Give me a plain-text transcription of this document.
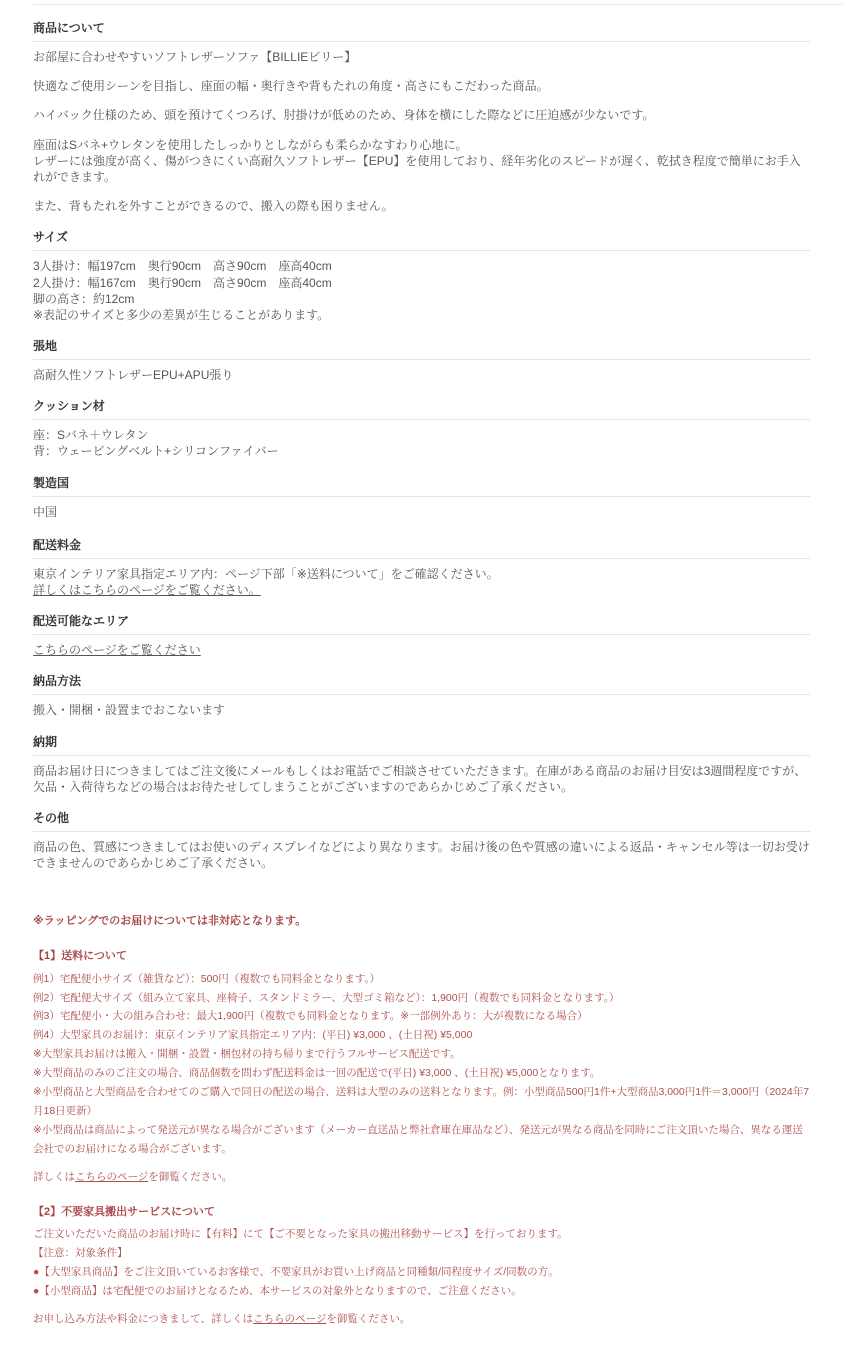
商品について

お部屋に合わせやすいソフトレザーソファ【BILLIEビリー】

快適なご使用シーンを目指し、座面の幅・奥行きや背もたれの角度・高さにもこだわった商品。

ハイバック仕様のため、頭を預けてくつろげ、肘掛けが低めのため、身体を横にした際などに圧迫感が少ないです。

座面はSバネ+ウレタンを使用したしっかりとしながらも柔らかなすわり心地に。

レザーには強度が高く、傷がつきにくい高耐久ソフトレザー【EPU】を使用しており、経年劣化のスピードが遅く、乾拭き程度で簡単にお手入れができます。

また、背もたれを外すことができるので、搬入の際も困りません。

サイズ

3人掛け：幅197cm　奥行90cm　高さ90cm　座高40cm

2人掛け：幅167cm　奥行90cm　高さ90cm　座高40cm

脚の高さ：約12cm

※表記のサイズと多少の差異が生じることがあります。

張地

高耐久性ソフトレザーEPU+APU張り

クッション材

座：Sバネ＋ウレタン

背：ウェービングベルト+シリコンファイバー

製造国

中国

配送料金

東京インテリア家具指定エリア内：ページ下部「※送料について」をご確認ください。

詳しくはこちらのページをご覧ください。

配送可能なエリア

こちらのページをご覧ください

納品方法

搬入・開梱・設置までおこないます

納期

商品お届け日につきましてはご注文後にメールもしくはお電話でご相談させていただきます。在庫がある商品のお届け目安は3週間程度ですが、欠品・入荷待ちなどの場合はお待たせしてしまうことがございますのであらかじめご了承ください。

その他

商品の色、質感につきましてはお使いのディスプレイなどにより異なります。お届け後の色や質感の違いによる返品・キャンセル等は一切お受けできませんのであらかじめご了承ください。

※ラッピングでのお届けについては非対応となります。

【1】送料について

例1）宅配便小サイズ（雑貨など）：500円（複数でも同料金となります。）

例2）宅配便大サイズ（組み立て家具、座椅子、スタンドミラー、大型ゴミ箱など）：1,900円（複数でも同料金となります。）

例3）宅配便小・大の組み合わせ：最大1,900円（複数でも同料金となります。※一部例外あり：大が複数になる場合）

例4）大型家具のお届け：東京インテリア家具指定エリア内：(平日) ¥3,000 、(土日祝) ¥5,000

※大型家具お届けは搬入・開梱・設置・梱包材の持ち帰りまで行うフルサービス配送です。

※大型商品のみのご注文の場合、商品個数を問わず配送料金は一回の配送で(平日) ¥3,000 、(土日祝) ¥5,000となります。

※小型商品と大型商品を合わせてのご購入で同日の配送の場合、送料は大型のみの送料となります。例：小型商品500円1件+大型商品3,000円1件＝3,000円（2024年7月18日更新）

※小型商品は商品によって発送元が異なる場合がございます（メーカー直送品と弊社倉庫在庫品など）、発送元が異なる商品を同時にご注文頂いた場合、異なる運送会社でのお届けになる場合がございます。

詳しくはこちらのページを御覧ください。

【2】不要家具搬出サービスについて

ご注文いただいた商品のお届け時に【有料】にて【ご不要となった家具の搬出移動サービス】を行っております。

【注意：対象条件】

●【大型家具商品】をご注文頂いているお客様で、不要家具がお買い上げ商品と同種類/同程度サイズ/同数の方。

●【小型商品】は宅配便でのお届けとなるため、本サービスの対象外となりますので、ご注意ください。

お申し込み方法や料金につきまして、詳しくはこちらのページを御覧ください。
